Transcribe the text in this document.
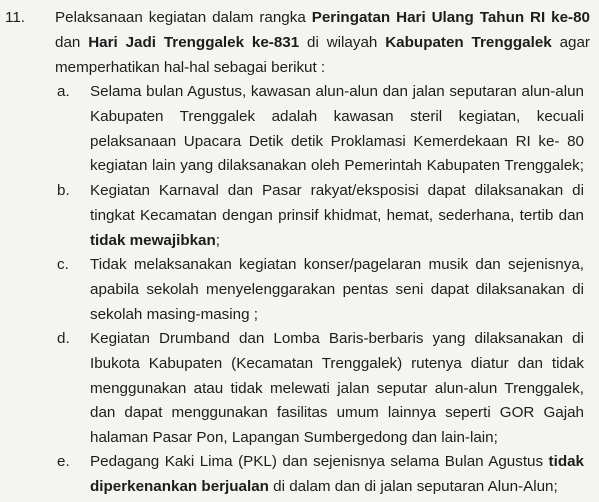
11. Pelaksanaan kegiatan dalam rangka Peringatan Hari Ulang Tahun RI ke-80
dan Hari Jadi Trenggalek ke-831 di wilayah Kabupaten Trenggalek agar
memperhatikan hal-hal sebagai berikut :
a. Selama bulan Agustus, kawasan alun-alun dan jalan seputaran alun-alun
Kabupaten Trenggalek adalah kawasan steril kegiatan, kecuali
pelaksanaan Upacara Detik detik Proklamasi Kemerdekaan RI ke- 80
kegiatan lain yang dilaksanakan oleh Pemerintah Kabupaten Trenggalek;
b. Kegiatan Karnaval dan Pasar rakyat/eksposisi dapat dilaksanakan di
tingkat Kecamatan dengan prinsif khidmat, hemat, sederhana, tertib dan
tidak mewajibkan;
c. Tidak melaksanakan kegiatan konser/pagelaran musik dan sejenisnya,
apabila sekolah menyelenggarakan pentas seni dapat dilaksanakan di
sekolah masing-masing ;
d. Kegiatan Drumband dan Lomba Baris-berbaris yang dilaksanakan di
Ibukota Kabupaten (Kecamatan Trenggalek) rutenya diatur dan tidak
menggunakan atau tidak melewati jalan seputar alun-alun Trenggalek,
dan dapat menggunakan fasilitas umum lainnya seperti GOR Gajah
halaman Pasar Pon, Lapangan Sumbergedong dan lain-lain;
e. Pedagang Kaki Lima (PKL) dan sejenisnya selama Bulan Agustus tidak
diperkenankan berjualan di dalam dan di jalan seputaran Alun-Alun;
